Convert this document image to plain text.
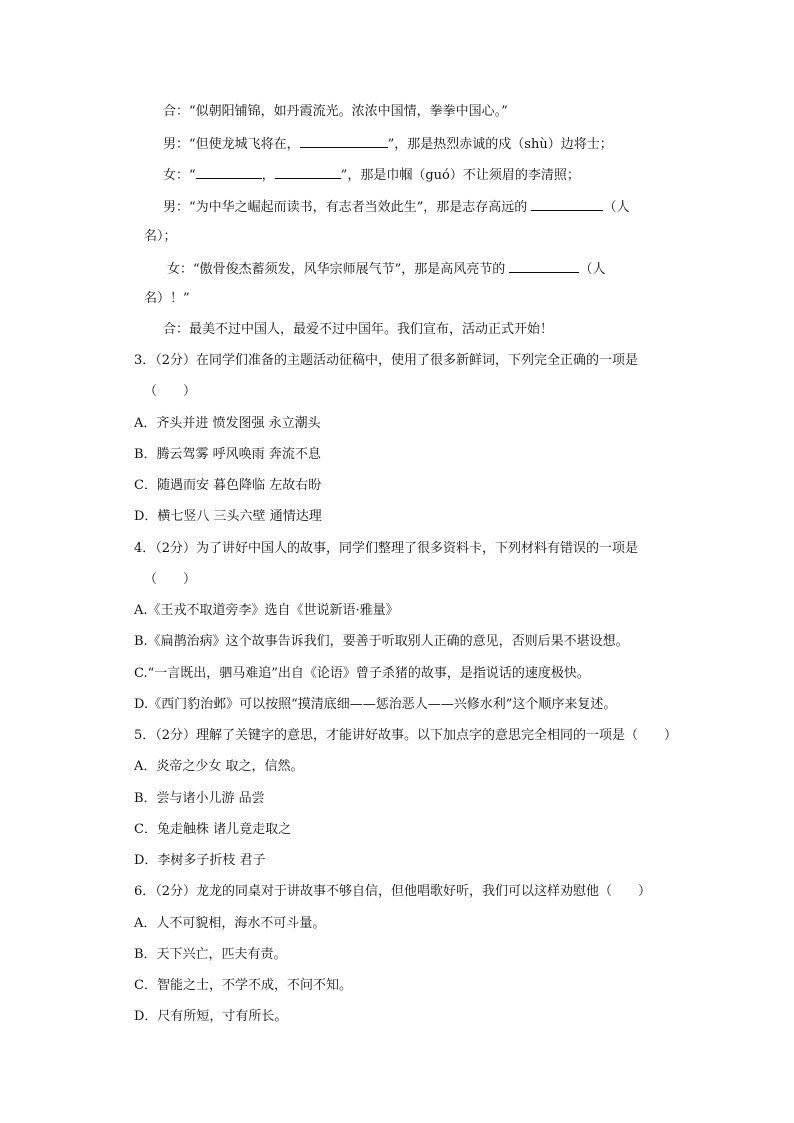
合：“似朝阳铺锦，如丹霞流光。浓浓中国情，拳拳中国心。”
男：“但使龙城飞将在，	”，那是热烈赤诚的戍（shù）边将士；
女：“	，	”，那是巾帼（guó）不让须眉的李清照；
男：“为中华之崛起而读书，有志者当效此生”，那是志存高远的	（人
名）；
女：“傲骨俊杰蓄须发，风华宗师展气节”，那是高风亮节的	（人
名）！”
合：最美不过中国人，最爱不过中国年。我们宣布，活动正式开始！
3．（2分）在同学们准备的主题活动征稿中，使用了很多新鲜词，下列完全正确的一项是
（　　）
A．齐头并进 愤发图强 永立潮头
B．腾云驾雾 呼风唤雨 奔流不息
C．随遇而安 暮色降临 左故右盼
D．横七竖八 三头六壁 通情达理
4．（2分）为了讲好中国人的故事，同学们整理了很多资料卡，下列材料有错误的一项是
（　　）
A.《王戎不取道旁李》选自《世说新语·雅量》
B.《扁鹊治病》这个故事告诉我们，要善于听取别人正确的意见，否则后果不堪设想。
C.“一言既出，驷马难追”出自《论语》曾子杀猪的故事，是指说话的速度极快。
D.《西门豹治邺》可以按照“摸清底细——惩治恶人——兴修水利”这个顺序来复述。
5．（2分）理解了关键字的意思，才能讲好故事。以下加点字的意思完全相同的一项是（　　）
A．炎帝之少女 取之，信然。
B．尝与诸小儿游 品尝
C．兔走触株 诸儿竟走取之
D．李树多子折枝 君子
6．（2分）龙龙的同桌对于讲故事不够自信，但他唱歌好听，我们可以这样劝慰他（　　）
A．人不可貌相，海水不可斗量。
B．天下兴亡，匹夫有责。
C．智能之士，不学不成，不问不知。
D．尺有所短，寸有所长。
